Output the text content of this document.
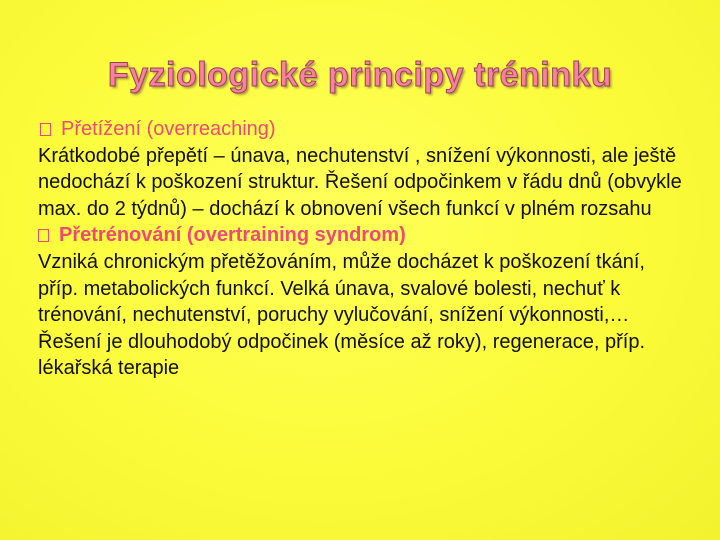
Fyziologické principy tréninku

Přetížení (overreaching)

Krátkodobé přepětí – únava, nechutenství , snížení výkonnosti, ale ještě nedochází k poškození struktur. Řešení odpočinkem v řádu dnů (obvykle max. do 2 týdnů) – dochází k obnovení všech funkcí v plném rozsahu

Přetrénování (overtraining syndrom)

Vzniká chronickým přetěžováním, může docházet k poškození tkání, příp. metabolických funkcí. Velká únava, svalové bolesti, nechuť k trénování, nechutenství, poruchy vylučování, snížení výkonnosti,…

Řešení je dlouhodobý odpočinek (měsíce až roky), regenerace, příp. lékařská terapie
